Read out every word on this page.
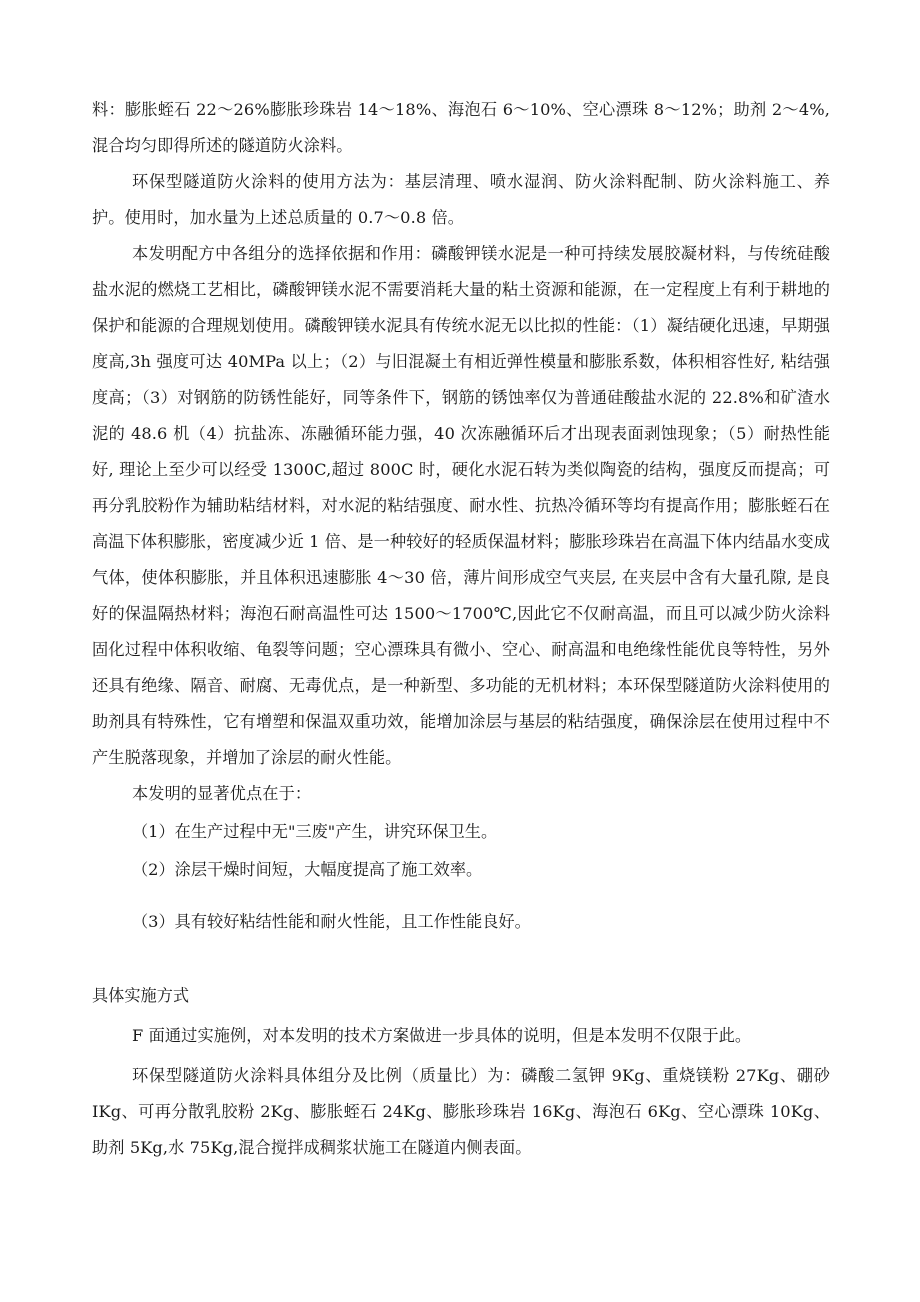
料：膨胀蛭石 22～26%膨胀珍珠岩 14～18%、海泡石 6～10%、空心漂珠 8～12%；助剂 2～4%,混合均匀即得所述的隧道防火涂料。

环保型隧道防火涂料的使用方法为：基层清理、喷水湿润、防火涂料配制、防火涂料施工、养护。使用时，加水量为上述总质量的 0.7～0.8 倍。

本发明配方中各组分的选择依据和作用：磷酸钾镁水泥是一种可持续发展胶凝材料，与传统硅酸盐水泥的燃烧工艺相比，磷酸钾镁水泥不需要消耗大量的粘土资源和能源，在一定程度上有利于耕地的保护和能源的合理规划使用。磷酸钾镁水泥具有传统水泥无以比拟的性能：（1）凝结硬化迅速，早期强度高,3h 强度可达 40MPa 以上；（2）与旧混凝土有相近弹性模量和膨胀系数，体积相容性好, 粘结强度高；（3）对钢筋的防锈性能好，同等条件下，钢筋的锈蚀率仅为普通硅酸盐水泥的 22.8%和矿渣水泥的 48.6 机（4）抗盐冻、冻融循环能力强，40 次冻融循环后才出现表面剥蚀现象；（5）耐热性能好, 理论上至少可以经受 1300C,超过 800C 时，硬化水泥石转为类似陶瓷的结构，强度反而提高；可再分乳胶粉作为辅助粘结材料，对水泥的粘结强度、耐水性、抗热冷循环等均有提高作用；膨胀蛭石在高温下体积膨胀，密度减少近 1 倍、是一种较好的轻质保温材料；膨胀珍珠岩在高温下体内结晶水变成气体，使体积膨胀，并且体积迅速膨胀 4～30 倍，薄片间形成空气夹层, 在夹层中含有大量孔隙, 是良好的保温隔热材料；海泡石耐高温性可达 1500～1700℃,因此它不仅耐高温，而且可以减少防火涂料固化过程中体积收缩、龟裂等问题；空心漂珠具有微小、空心、耐高温和电绝缘性能优良等特性，另外还具有绝缘、隔音、耐腐、无毒优点，是一种新型、多功能的无机材料；本环保型隧道防火涂料使用的助剂具有特殊性，它有增塑和保温双重功效，能增加涂层与基层的粘结强度，确保涂层在使用过程中不产生脱落现象，并增加了涂层的耐火性能。

本发明的显著优点在于：

（1）在生产过程中无"三废"产生，讲究环保卫生。

（2）涂层干燥时间短，大幅度提高了施工效率。

（3）具有较好粘结性能和耐火性能，且工作性能良好。

具体实施方式

F 面通过实施例，对本发明的技术方案做进一步具体的说明，但是本发明不仅限于此。

环保型隧道防火涂料具体组分及比例（质量比）为：磷酸二氢钾 9Kg、重烧镁粉 27Kg、硼砂 IKg、可再分散乳胶粉 2Kg、膨胀蛭石 24Kg、膨胀珍珠岩 16Kg、海泡石 6Kg、空心漂珠 10Kg、助剂 5Kg,水 75Kg,混合搅拌成稠浆状施工在隧道内侧表面。
